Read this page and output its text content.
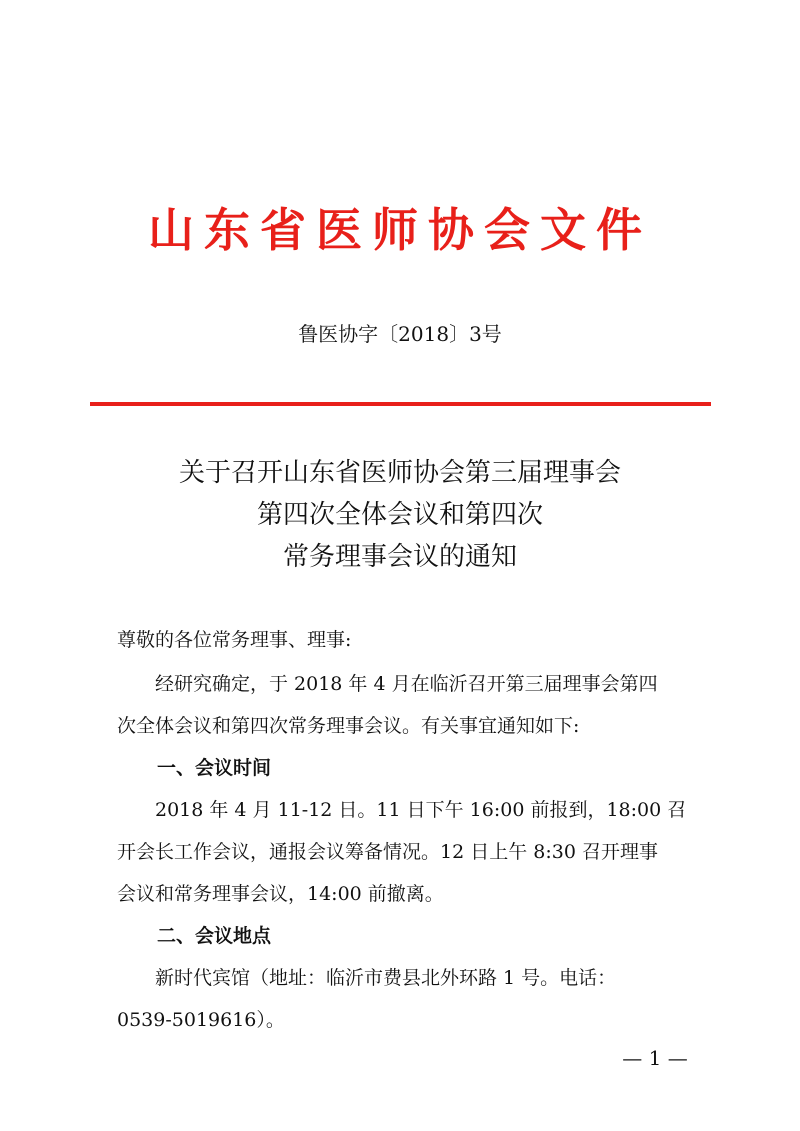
山东省医师协会文件
鲁医协字〔2018〕3号
关于召开山东省医师协会第三届理事会
第四次全体会议和第四次
常务理事会议的通知
尊敬的各位常务理事、理事:
　　经研究确定，于 2018 年 4 月在临沂召开第三届理事会第四
次全体会议和第四次常务理事会议。有关事宜通知如下:
一、会议时间
　　2018 年 4 月 11-12 日。11 日下午 16:00 前报到，18:00 召
开会长工作会议，通报会议筹备情况。12 日上午 8:30 召开理事
会议和常务理事会议，14:00 前撤离。
二、会议地点
　　新时代宾馆（地址：临沂市费县北外环路 1 号。电话：
0539-5019616）。
— 1 —
